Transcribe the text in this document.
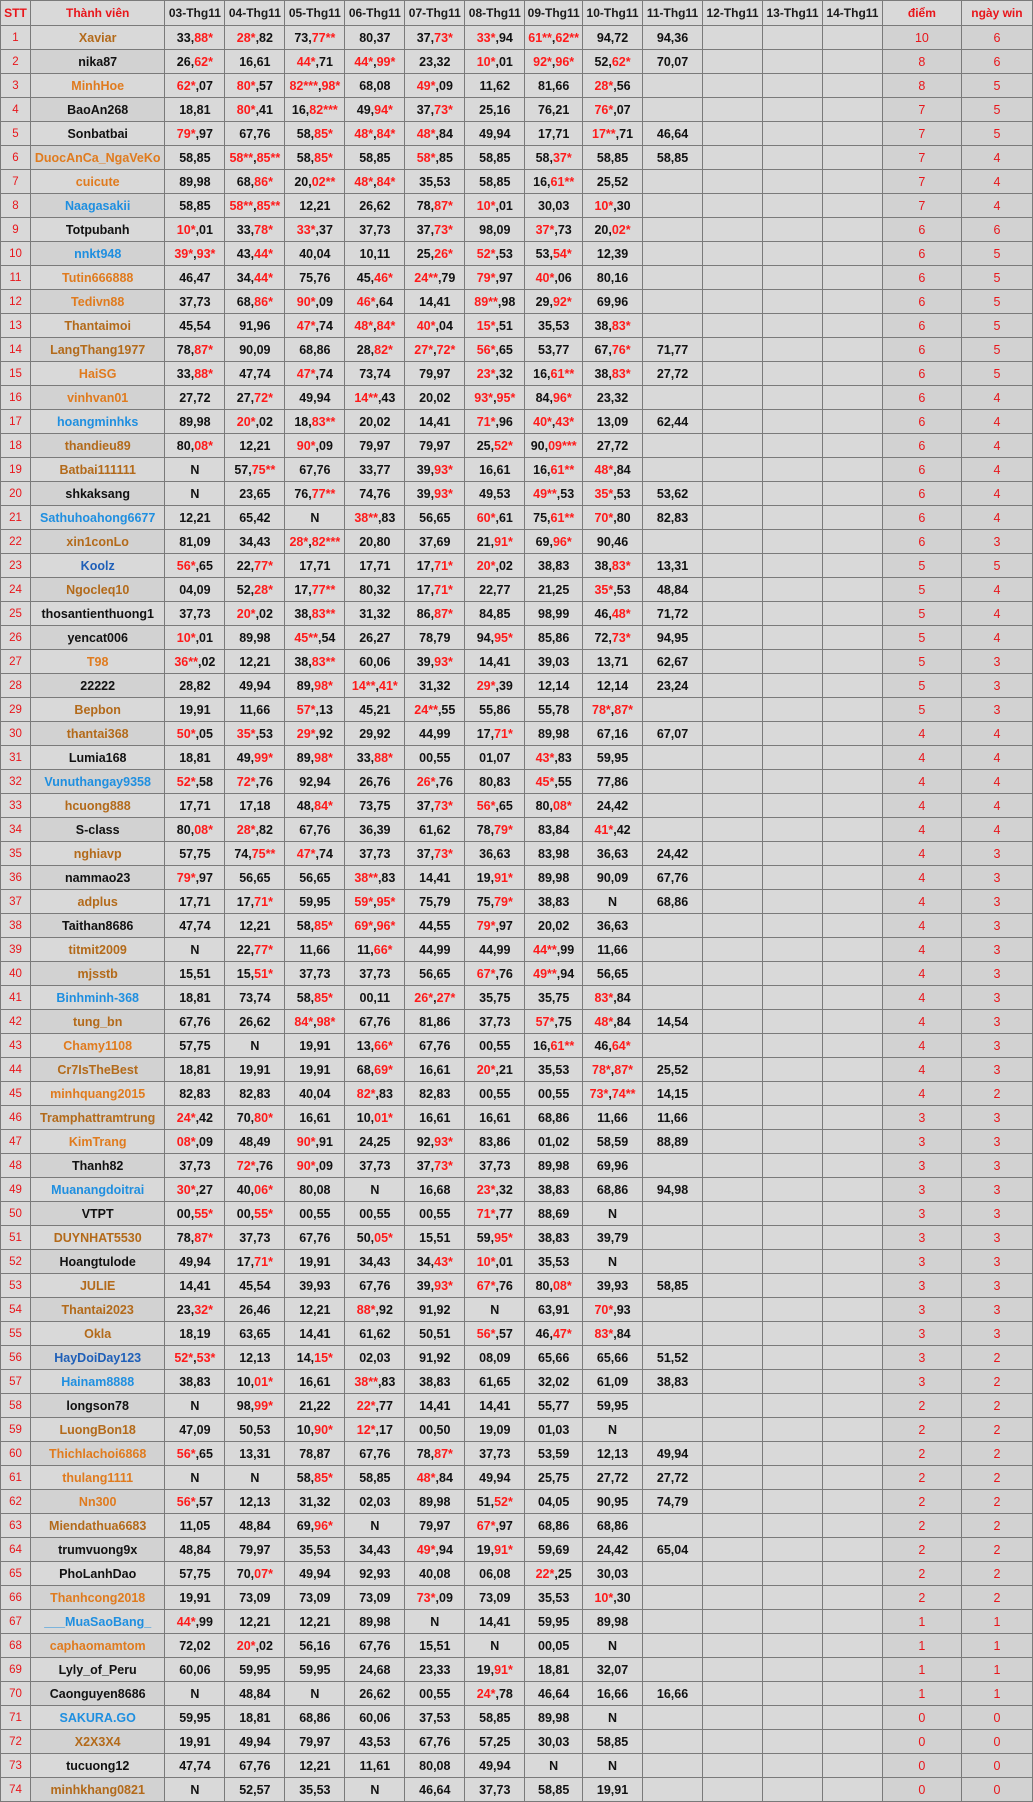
STT	Thành viên	03-Thg11	04-Thg11	05-Thg11	06-Thg11	07-Thg11	08-Thg11	09-Thg11	10-Thg11	11-Thg11	12-Thg11	13-Thg11	14-Thg11	điểm	ngày win
1	Xaviar	33,88*	28*,82	73,77**	80,37	37,73*	33*,94	61**,62**	94,72	94,36				10	6
2	nika87	26,62*	16,61	44*,71	44*,99*	23,32	10*,01	92*,96*	52,62*	70,07				8	6
3	MinhHoe	62*,07	80*,57	82***,98*	68,08	49*,09	11,62	81,66	28*,56					8	5
4	BaoAn268	18,81	80*,41	16,82***	49,94*	37,73*	25,16	76,21	76*,07					7	5
5	Sonbatbai	79*,97	67,76	58,85*	48*,84*	48*,84	49,94	17,71	17**,71	46,64				7	5
6	DuocAnCa_NgaVeKo	58,85	58**,85**	58,85*	58,85	58*,85	58,85	58,37*	58,85	58,85				7	4
7	cuicute	89,98	68,86*	20,02**	48*,84*	35,53	58,85	16,61**	25,52					7	4
8	Naagasakii	58,85	58**,85**	12,21	26,62	78,87*	10*,01	30,03	10*,30					7	4
9	Totpubanh	10*,01	33,78*	33*,37	37,73	37,73*	98,09	37*,73	20,02*					6	6
10	nnkt948	39*,93*	43,44*	40,04	10,11	25,26*	52*,53	53,54*	12,39					6	5
11	Tutin666888	46,47	34,44*	75,76	45,46*	24**,79	79*,97	40*,06	80,16					6	5
12	Tedivn88	37,73	68,86*	90*,09	46*,64	14,41	89**,98	29,92*	69,96					6	5
13	Thantaimoi	45,54	91,96	47*,74	48*,84*	40*,04	15*,51	35,53	38,83*					6	5
14	LangThang1977	78,87*	90,09	68,86	28,82*	27*,72*	56*,65	53,77	67,76*	71,77				6	5
15	HaiSG	33,88*	47,74	47*,74	73,74	79,97	23*,32	16,61**	38,83*	27,72				6	5
16	vinhvan01	27,72	27,72*	49,94	14**,43	20,02	93*,95*	84,96*	23,32					6	4
17	hoangminhks	89,98	20*,02	18,83**	20,02	14,41	71*,96	40*,43*	13,09	62,44				6	4
18	thandieu89	80,08*	12,21	90*,09	79,97	79,97	25,52*	90,09***	27,72					6	4
19	Batbai111111	N	57,75**	67,76	33,77	39,93*	16,61	16,61**	48*,84					6	4
20	shkaksang	N	23,65	76,77**	74,76	39,93*	49,53	49**,53	35*,53	53,62				6	4
21	Sathuhoahong6677	12,21	65,42	N	38**,83	56,65	60*,61	75,61**	70*,80	82,83				6	4
22	xin1conLo	81,09	34,43	28*,82***	20,80	37,69	21,91*	69,96*	90,46					6	3
23	Koolz	56*,65	22,77*	17,71	17,71	17,71*	20*,02	38,83	38,83*	13,31				5	5
24	Ngocleq10	04,09	52,28*	17,77**	80,32	17,71*	22,77	21,25	35*,53	48,84				5	4
25	thosantienthuong1	37,73	20*,02	38,83**	31,32	86,87*	84,85	98,99	46,48*	71,72				5	4
26	yencat006	10*,01	89,98	45**,54	26,27	78,79	94,95*	85,86	72,73*	94,95				5	4
27	T98	36**,02	12,21	38,83**	60,06	39,93*	14,41	39,03	13,71	62,67				5	3
28	22222	28,82	49,94	89,98*	14**,41*	31,32	29*,39	12,14	12,14	23,24				5	3
29	Bepbon	19,91	11,66	57*,13	45,21	24**,55	55,86	55,78	78*,87*					5	3
30	thantai368	50*,05	35*,53	29*,92	29,92	44,99	17,71*	89,98	67,16	67,07				4	4
31	Lumia168	18,81	49,99*	89,98*	33,88*	00,55	01,07	43*,83	59,95					4	4
32	Vunuthangay9358	52*,58	72*,76	92,94	26,76	26*,76	80,83	45*,55	77,86					4	4
33	hcuong888	17,71	17,18	48,84*	73,75	37,73*	56*,65	80,08*	24,42					4	4
34	S-class	80,08*	28*,82	67,76	36,39	61,62	78,79*	83,84	41*,42					4	4
35	nghiavp	57,75	74,75**	47*,74	37,73	37,73*	36,63	83,98	36,63	24,42				4	3
36	nammao23	79*,97	56,65	56,65	38**,83	14,41	19,91*	89,98	90,09	67,76				4	3
37	adplus	17,71	17,71*	59,95	59*,95*	75,79	75,79*	38,83	N	68,86				4	3
38	Taithan8686	47,74	12,21	58,85*	69*,96*	44,55	79*,97	20,02	36,63					4	3
39	titmit2009	N	22,77*	11,66	11,66*	44,99	44,99	44**,99	11,66					4	3
40	mjsstb	15,51	15,51*	37,73	37,73	56,65	67*,76	49**,94	56,65					4	3
41	Binhminh-368	18,81	73,74	58,85*	00,11	26*,27*	35,75	35,75	83*,84					4	3
42	tung_bn	67,76	26,62	84*,98*	67,76	81,86	37,73	57*,75	48*,84	14,54				4	3
43	Chamy1108	57,75	N	19,91	13,66*	67,76	00,55	16,61**	46,64*					4	3
44	Cr7IsTheBest	18,81	19,91	19,91	68,69*	16,61	20*,21	35,53	78*,87*	25,52				4	3
45	minhquang2015	82,83	82,83	40,04	82*,83	82,83	00,55	00,55	73*,74**	14,15				4	2
46	Tramphattramtrung	24*,42	70,80*	16,61	10,01*	16,61	16,61	68,86	11,66	11,66				3	3
47	KimTrang	08*,09	48,49	90*,91	24,25	92,93*	83,86	01,02	58,59	88,89				3	3
48	Thanh82	37,73	72*,76	90*,09	37,73	37,73*	37,73	89,98	69,96					3	3
49	Muanangdoitrai	30*,27	40,06*	80,08	N	16,68	23*,32	38,83	68,86	94,98				3	3
50	VTPT	00,55*	00,55*	00,55	00,55	00,55	71*,77	88,69	N					3	3
51	DUYNHAT5530	78,87*	37,73	67,76	50,05*	15,51	59,95*	38,83	39,79					3	3
52	Hoangtulode	49,94	17,71*	19,91	34,43	34,43*	10*,01	35,53	N					3	3
53	JULIE	14,41	45,54	39,93	67,76	39,93*	67*,76	80,08*	39,93	58,85				3	3
54	Thantai2023	23,32*	26,46	12,21	88*,92	91,92	N	63,91	70*,93					3	3
55	Okla	18,19	63,65	14,41	61,62	50,51	56*,57	46,47*	83*,84					3	3
56	HayDoiDay123	52*,53*	12,13	14,15*	02,03	91,92	08,09	65,66	65,66	51,52				3	2
57	Hainam8888	38,83	10,01*	16,61	38**,83	38,83	61,65	32,02	61,09	38,83				3	2
58	longson78	N	98,99*	21,22	22*,77	14,41	14,41	55,77	59,95					2	2
59	LuongBon18	47,09	50,53	10,90*	12*,17	00,50	19,09	01,03	N					2	2
60	Thichlachoi6868	56*,65	13,31	78,87	67,76	78,87*	37,73	53,59	12,13	49,94				2	2
61	thulang1111	N	N	58,85*	58,85	48*,84	49,94	25,75	27,72	27,72				2	2
62	Nn300	56*,57	12,13	31,32	02,03	89,98	51,52*	04,05	90,95	74,79				2	2
63	Miendathua6683	11,05	48,84	69,96*	N	79,97	67*,97	68,86	68,86					2	2
64	trumvuong9x	48,84	79,97	35,53	34,43	49*,94	19,91*	59,69	24,42	65,04				2	2
65	PhoLanhDao	57,75	70,07*	49,94	92,93	40,08	06,08	22*,25	30,03					2	2
66	Thanhcong2018	19,91	73,09	73,09	73,09	73*,09	73,09	35,53	10*,30					2	2
67	___MuaSaoBang_	44*,99	12,21	12,21	89,98	N	14,41	59,95	89,98					1	1
68	caphaomamtom	72,02	20*,02	56,16	67,76	15,51	N	00,05	N					1	1
69	Lyly_of_Peru	60,06	59,95	59,95	24,68	23,33	19,91*	18,81	32,07					1	1
70	Caonguyen8686	N	48,84	N	26,62	00,55	24*,78	46,64	16,66	16,66				1	1
71	SAKURA.GO	59,95	18,81	68,86	60,06	37,53	58,85	89,98	N					0	0
72	X2X3X4	19,91	49,94	79,97	43,53	67,76	57,25	30,03	58,85					0	0
73	tucuong12	47,74	67,76	12,21	11,61	80,08	49,94	N	N					0	0
74	minhkhang0821	N	52,57	35,53	N	46,64	37,73	58,85	19,91					0	0
